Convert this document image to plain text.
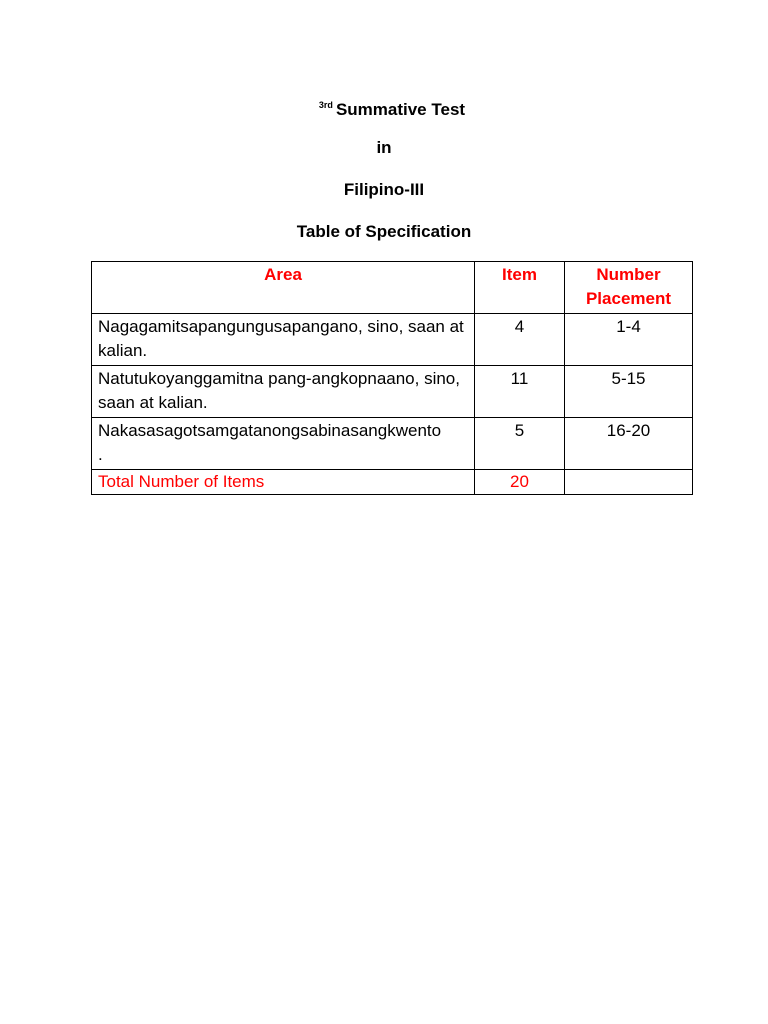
$^{3rd}$ Summative Test
in
Filipino-III
Table of Specification
Area	Item	Number
Placement
Nagagamitsapangungusapangano, sino, saan at kalian.	4	1-4
Natutukoyanggamitna pang-angkopnaano, sino, saan at kalian.	11	5-15
Nakasasagotsamgatanongsabinasangkwento
.	5	16-20
Total Number of Items	20	
